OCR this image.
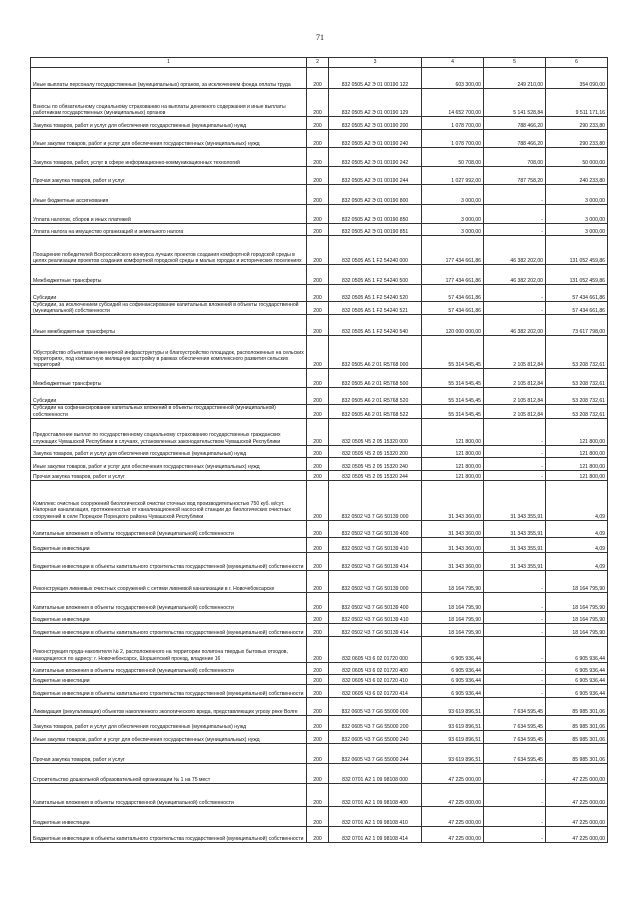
71
1	2	3	4	5	6
Иные выплаты персоналу государственных (муниципальных) органов, за исключением фонда оплаты труда	200	832 0505 А2 Э 01 00190 122	603 300,00	249 210,00	354 090,00
Взносы по обязательному социальному страхованию на выплаты денежного содержания и иные выплаты работникам государственных (муниципальных) органов	200	832 0505 А2 Э 01 00190 129	14 652 700,00	5 141 528,84	9 511 171,16
Закупка товаров, работ и услуг для обеспечения государственных (муниципальных) нужд	200	832 0505 А2 Э 01 00190 200	1 078 700,00	788 466,20	290 233,80
Иные закупки товаров, работ и услуг для обеспечения государственных (муниципальных) нужд	200	832 0505 А2 Э 01 00190 240	1 078 700,00	788 466,20	290 233,80
Закупка товаров, работ, услуг в сфере информационно-коммуникационных технологий	200	832 0505 А2 Э 01 00190 242	50 708,00	708,00	50 000,00
Прочая закупка товаров, работ и услуг	200	832 0505 А2 Э 01 00190 244	1 027 992,00	787 758,20	240 233,80
Иные бюджетные ассигнования	200	832 0505 А2 Э 01 00190 800	3 000,00	-	3 000,00
Уплата налогов, сборов и иных платежей	200	832 0505 А2 Э 01 00190 850	3 000,00	-	3 000,00
Уплата налога на имущество организаций и земельного налога	200	832 0505 А2 Э 01 00190 851	3 000,00	-	3 000,00
Поощрение победителей Всероссийского конкурса лучших проектов создания комфортной городской среды в целях реализации проектов создания комфортной городской среды в малых городах и исторических поселениях	200	832 0505 А5 1 F2 54240 000	177 434 661,86	46 382 202,00	131 052 459,86
Межбюджетные трансферты	200	832 0505 А5 1 F2 54240 500	177 434 661,86	46 382 202,00	131 052 459,86
Субсидии	200	832 0505 А5 1 F2 54240 520	57 434 661,86	-	57 434 661,86
Субсидии, за исключением субсидий на софинансирование капитальных вложений в объекты государственной (муниципальной) собственности	200	832 0505 А5 1 F2 54240 521	57 434 661,86	-	57 434 661,86
Иные межбюджетные трансферты	200	832 0505 А5 1 F2 54240 540	120 000 000,00	46 382 202,00	73 617 798,00
Обустройство объектами инженерной инфраструктуры и благоустройство площадок, расположенных на сельских территориях, под компактную жилищную застройку в рамках обеспечения комплексного развития сельских территорий	200	832 0505 А6 2 01 R5768 000	55 314 545,45	2 105 812,84	53 208 732,61
Межбюджетные трансферты	200	832 0505 А6 2 01 R5768 500	55 314 545,45	2 105 812,84	53 208 732,61
Субсидии	200	832 0505 А6 2 01 R5768 520	55 314 545,45	2 105 812,84	53 208 732,61
Субсидии на софинансирование капитальных вложений в объекты государственной (муниципальной) собственности	200	832 0505 А6 2 01 R5768 522	55 314 545,45	2 105 812,84	53 208 732,61
Предоставление выплат по государственному социальному страхованию государственных гражданских служащих Чувашской Республики в случаях, установленных законодательством Чувашской Республики	200	832 0505 Ч5 2 05 15320 000	121 800,00	-	121 800,00
Закупка товаров, работ и услуг для обеспечения государственных (муниципальных) нужд	200	832 0505 Ч5 2 05 15320 200	121 800,00	-	121 800,00
Иные закупки товаров, работ и услуг для обеспечения государственных (муниципальных) нужд	200	832 0505 Ч5 2 05 15320 240	121 800,00	-	121 800,00
Прочая закупка товаров, работ и услуг	200	832 0505 Ч5 2 05 15320 244	121 800,00	-	121 800,00
Комплекс очистных сооружений биологической очистки сточных вод производительностью 750 куб. м/сут. Напорная канализация, протяженностью от канализационной насосной станции до биологических очистных сооружений в селе Порецкое Порецкого района Чувашской Республики	200	832 0502 Ч3 7 G6 50139 000	31 343 360,00	31 343 355,91	4,09
Капитальные вложения в объекты государственной (муниципальной) собственности	200	832 0502 Ч3 7 G6 50139 400	31 343 360,00	31 343 355,91	4,09
Бюджетные инвестиции	200	832 0502 Ч3 7 G6 50139 410	31 343 360,00	31 343 355,91	4,09
Бюджетные инвестиции в объекты капитального строительства государственной (муниципальной) собственности	200	832 0502 Ч3 7 G6 50139 414	31 343 360,00	31 343 355,91	4,09
Реконструкция ливневых очистных сооружений с сетями ливневой канализации в г. Новочебоксарске	200	832 0502 Ч3 7 G6 50139 000	18 164 795,90	-	18 164 795,90
Капитальные вложения в объекты государственной (муниципальной) собственности	200	832 0502 Ч3 7 G6 50139 400	18 164 795,90	-	18 164 795,90
Бюджетные инвестиции	200	832 0502 Ч3 7 G6 50139 410	18 164 795,90	-	18 164 795,90
Бюджетные инвестиции в объекты капитального строительства государственной (муниципальной) собственности	200	832 0502 Ч3 7 G6 50139 414	18 164 795,90	-	18 164 795,90
Реконструкция пруда-накопителя № 2, расположенного на территории полигона твердых бытовых отходов, находящегося по адресу: г. Новочебоксарск, Шоршелский проезд, владение 16	200	832 0605 Ч3 6 02 01720 000	6 905 936,44	-	6 905 936,44
Капитальные вложения в объекты государственной (муниципальной) собственности	200	832 0605 Ч3 6 02 01720 400	6 905 936,44	-	6 905 936,44
Бюджетные инвестиции	200	832 0605 Ч3 6 02 01720 410	6 905 936,44	-	6 905 936,44
Бюджетные инвестиции в объекты капитального строительства государственной (муниципальной) собственности	200	832 0605 Ч3 6 02 01720 414	6 905 936,44	-	6 905 936,44
Ликвидация (рекультивация) объектов накопленного экологического вреда, представляющих угрозу реке Волге	200	832 0605 Ч3 7 G6 55000 000	93 619 896,51	7 634 595,45	85 985 301,06
Закупка товаров, работ и услуг для обеспечения государственных (муниципальных) нужд	200	832 0605 Ч3 7 G6 55000 200	93 619 896,51	7 634 595,45	85 985 301,06
Иные закупки товаров, работ и услуг для обеспечения государственных (муниципальных) нужд	200	832 0605 Ч3 7 G6 55000 240	93 619 896,51	7 634 595,45	85 985 301,06
Прочая закупка товаров, работ и услуг	200	832 0605 Ч3 7 G6 55000 244	93 619 896,51	7 634 595,45	85 985 301,06
Строительство дошкольной образовательной организации № 1 на 75 мест	200	832 0701 А2 1 09 98108 000	47 225 000,00	-	47 225 000,00
Капитальные вложения в объекты государственной (муниципальной) собственности	200	832 0701 А2 1 09 98108 400	47 225 000,00	-	47 225 000,00
Бюджетные инвестиции	200	832 0701 А2 1 09 98108 410	47 225 000,00	-	47 225 000,00
Бюджетные инвестиции в объекты капитального строительства государственной (муниципальной) собственности	200	832 0701 А2 1 09 98108 414	47 225 000,00	-	47 225 000,00
